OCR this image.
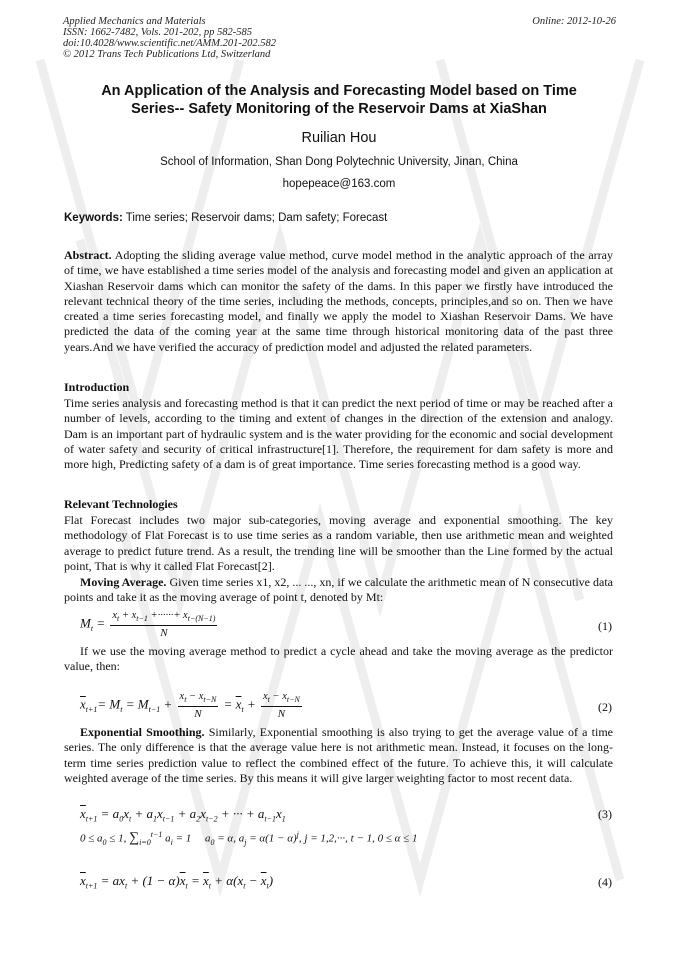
Applied Mechanics and Materials
ISSN: 1662-7482, Vols. 201-202, pp 582-585
doi:10.4028/www.scientific.net/AMM.201-202.582
© 2012 Trans Tech Publications Ltd, Switzerland
Online: 2012-10-26
An Application of the Analysis and Forecasting Model based on Time
Series-- Safety Monitoring of the Reservoir Dams at XiaShan
Ruilian Hou
School of Information, Shan Dong Polytechnic University, Jinan, China
hopepeace@163.com
Keywords: Time series; Reservoir dams; Dam safety; Forecast
Abstract. Adopting the sliding average value method, curve model method in the analytic approach of the array of time, we have established a time series model of the analysis and forecasting model and given an application at Xiashan Reservoir dams which can monitor the safety of the dams. In this paper we firstly have introduced the relevant technical theory of the time series, including the methods, concepts, principles,and so on. Then we have created a time series forecasting model, and finally we apply the model to Xiashan Reservoir Dams. We have predicted the data of the coming year at the same time through historical monitoring data of the past three years.And we have verified the accuracy of prediction model and adjusted the related parameters.
Introduction
Time series analysis and forecasting method is that it can predict the next period of time or may be reached after a number of levels, according to the timing and extent of changes in the direction of the extension and analogy. Dam is an important part of hydraulic system and is the water providing for the economic and social development of water safety and security of critical infrastructure[1]. Therefore, the requirement for dam safety is more and more high, Predicting safety of a dam is of great importance. Time series forecasting method is a good way.
Relevant Technologies
Flat Forecast includes two major sub-categories, moving average and exponential smoothing. The key methodology of Flat Forecast is to use time series as a random variable, then use arithmetic mean and weighted average to predict future trend. As a result, the trending line will be smoother than the Line formed by the actual point, That is why it called Flat Forecast[2].
Moving Average. Given time series x1, x2, ... ..., xn, if we calculate the arithmetic mean of N consecutive data points and take it as the moving average of point t, denoted by Mt:
$M_t = \frac{x_t + x_{t-1} +\cdot\cdot\cdot\cdot\cdot\cdot+ x_{t-(N-1)}}{N}$	(1)
If we use the moving average method to predict a cycle ahead and take the moving average as the predictor value, then:
$\overline{x}_{t+1}= M_t = M_{t-1} + \frac{x_t - x_{t-N}}{N} = \overline{x}_t + \frac{x_t - x_{t-N}}{N}$	(2)
Exponential Smoothing. Similarly, Exponential smoothing is also trying to get the average value of a time series. The only difference is that the average value here is not arithmetic mean. Instead, it focuses on the long-term time series prediction value to reflect the combined effect of the future. To achieve this, it will calculate weighted average of the time series. By this means it will give larger weighting factor to most recent data.
$\overline{x}_{t+1} = a_0x_t + a_1x_{t-1} + a_2x_{t-2}$ + ··· + $a_{t-1}x_1$	(3)
$0 \le a_0 \le 1$, $\sum_{i=0}^{t-1}$ $a_i = 1$     $a_0 = \alpha$, $a_j = \alpha(1 - \alpha)^j$, j = 1,2,···, t − 1, 0 ≤ α ≤ 1
$\overline{x}_{t+1} = ax_t + (1 - \alpha)\overline{x}_t = \overline{x}_t + \alpha(x_t - \overline{x}_t)$	(4)
